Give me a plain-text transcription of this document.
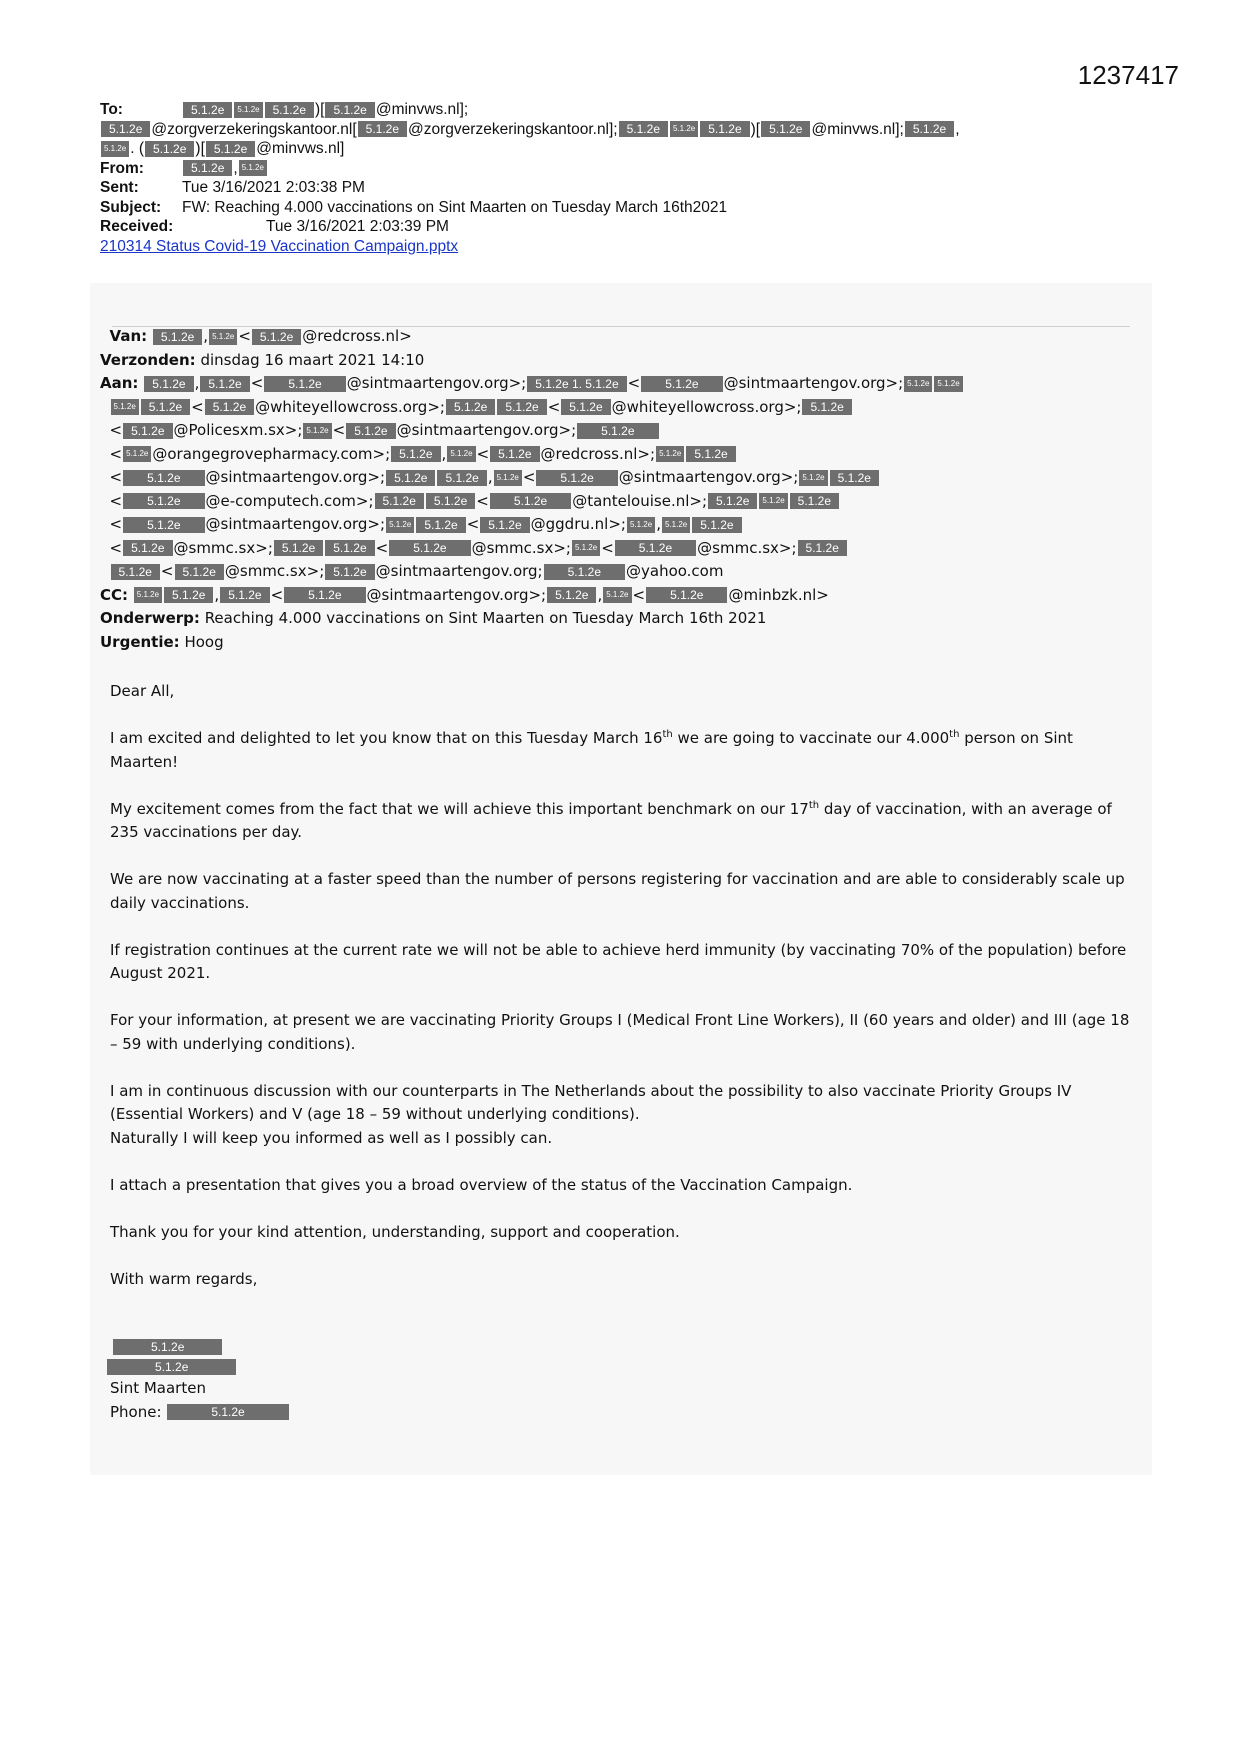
1237417
To:	5.1.2e 5.1.2e 5.1.2e )[ 5.1.2e @minvws.nl];
5.1.2e @zorgverzekeringskantoor.nl[ 5.1.2e @zorgverzekeringskantoor.nl]; 5.1.2e 5.1.2e 5.1.2e )[ 5.1.2e @minvws.nl]; 5.1.2e ,
5.1.2e . ( 5.1.2e )[ 5.1.2e @minvws.nl]
From:	5.1.2e , 5.1.2e
Sent:	Tue 3/16/2021 2:03:38 PM
Subject: FW: Reaching 4.000 vaccinations on Sint Maarten on Tuesday March 16th2021
Received:	Tue 3/16/2021 2:03:39 PM
210314 Status Covid-19 Vaccination Campaign.pptx
Van: 5.1.2e , 5.1.2e < 5.1.2e @redcross.nl>
Verzonden: dinsdag 16 maart 2021 14:10
Aan: 5.1.2e , 5.1.2e < 5.1.2e @sintmaartengov.org>; 5.1.2e 1. 5.1.2e < 5.1.2e @sintmaartengov.org>; 5.1.2e 5.1.2e
5.1.2e 5.1.2e < 5.1.2e @whiteyellowcross.org>; 5.1.2e 5.1.2e < 5.1.2e @whiteyellowcross.org>; 5.1.2e
< 5.1.2e @Policesxm.sx>; 5.1.2e < 5.1.2e @sintmaartengov.org>; 5.1.2e
< 5.1.2e @orangegrovepharmacy.com>; 5.1.2e , 5.1.2e < 5.1.2e @redcross.nl>; 5.1.2e 5.1.2e
< 5.1.2e @sintmaartengov.org>; 5.1.2e 5.1.2e , 5.1.2e < 5.1.2e @sintmaartengov.org>; 5.1.2e 5.1.2e
< 5.1.2e @e-computech.com>; 5.1.2e 5.1.2e < 5.1.2e @tantelouise.nl>; 5.1.2e 5.1.2e 5.1.2e
< 5.1.2e @sintmaartengov.org>; 5.1.2e 5.1.2e < 5.1.2e @ggdru.nl>; 5.1.2e , 5.1.2e 5.1.2e
< 5.1.2e @smmc.sx>; 5.1.2e 5.1.2e < 5.1.2e @smmc.sx>; 5.1.2e < 5.1.2e @smmc.sx>; 5.1.2e
5.1.2e < 5.1.2e @smmc.sx>; 5.1.2e @sintmaartengov.org; 5.1.2e @yahoo.com
CC: 5.1.2e 5.1.2e , 5.1.2e < 5.1.2e @sintmaartengov.org>; 5.1.2e , 5.1.2e < 5.1.2e @minbzk.nl>
Onderwerp: Reaching 4.000 vaccinations on Sint Maarten on Tuesday March 16th 2021
Urgentie: Hoog

Dear All,

I am excited and delighted to let you know that on this Tuesday March 16th we are going to vaccinate our 4.000th person on Sint Maarten!

My excitement comes from the fact that we will achieve this important benchmark on our 17th day of vaccination, with an average of 235 vaccinations per day.

We are now vaccinating at a faster speed than the number of persons registering for vaccination and are able to considerably scale up daily vaccinations.

If registration continues at the current rate we will not be able to achieve herd immunity (by vaccinating 70% of the population) before August 2021.

For your information, at present we are vaccinating Priority Groups I (Medical Front Line Workers), II (60 years and older) and III (age 18 – 59 with underlying conditions).

I am in continuous discussion with our counterparts in The Netherlands about the possibility to also vaccinate Priority Groups IV (Essential Workers) and V (age 18 – 59 without underlying conditions).

Naturally I will keep you informed as well as I possibly can.

I attach a presentation that gives you a broad overview of the status of the Vaccination Campaign.

Thank you for your kind attention, understanding, support and cooperation.

With warm regards,

5.1.2e
5.1.2e
Sint Maarten
Phone:	5.1.2e
